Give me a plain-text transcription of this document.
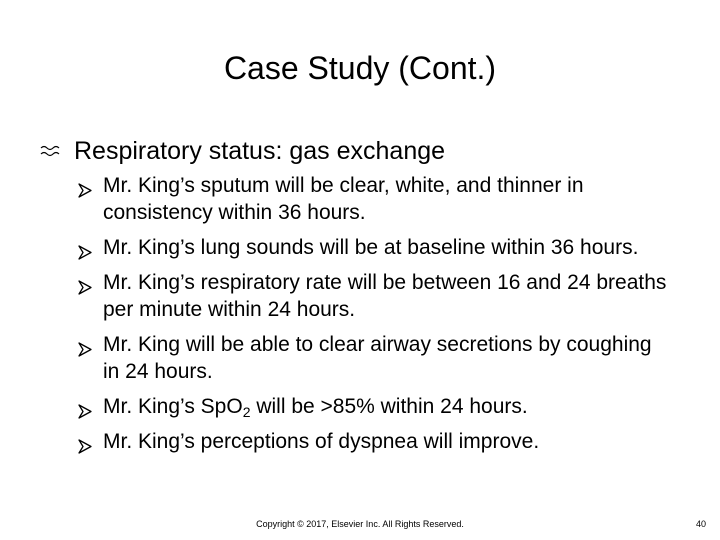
Case Study (Cont.)
Respiratory status: gas exchange
Mr. King’s sputum will be clear, white, and thinner in consistency within 36 hours.
Mr. King’s lung sounds will be at baseline within 36 hours.
Mr. King’s respiratory rate will be between 16 and 24 breaths per minute within 24 hours.
Mr. King will be able to clear airway secretions by coughing in 24 hours.
Mr. King’s SpO$_2$ will be >85% within 24 hours.
Mr. King’s perceptions of dyspnea will improve.
Copyright © 2017, Elsevier Inc. All Rights Reserved.	40
